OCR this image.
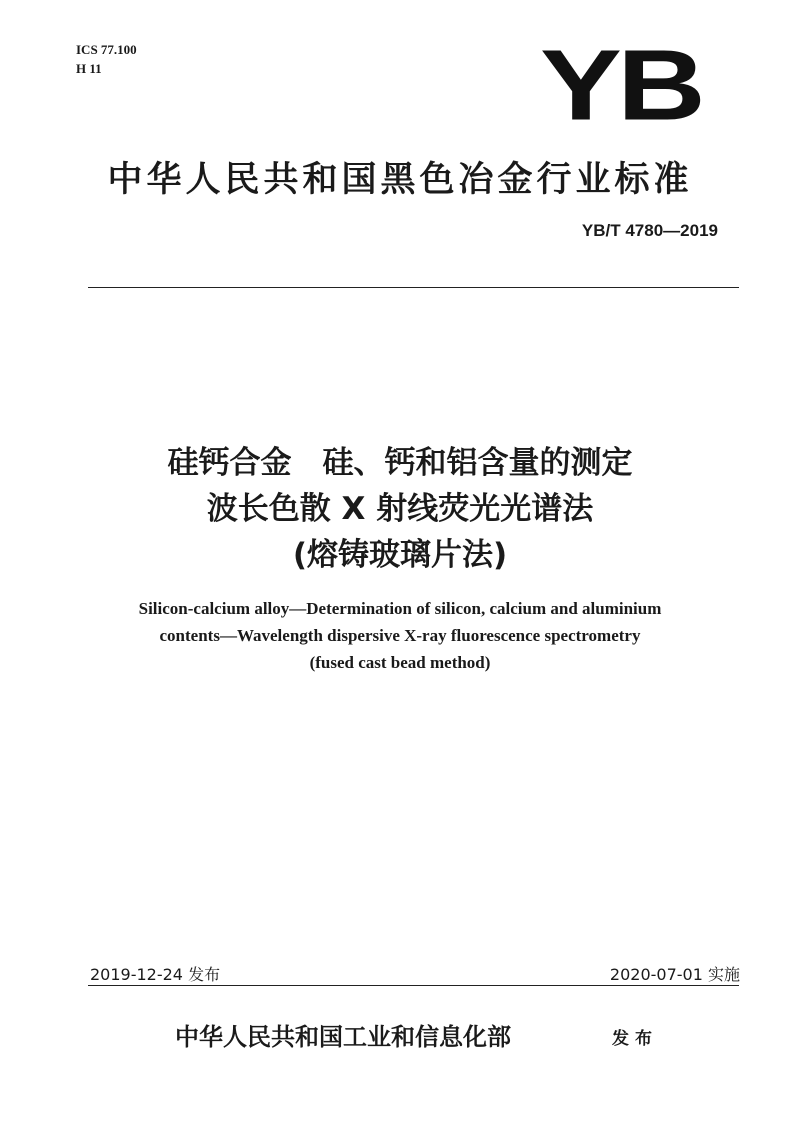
ICS 77.100
H 11	YB
中华人民共和国黑色冶金行业标准
YB/T 4780—2019
硅钙合金　硅、钙和铝含量的测定
波长色散 X 射线荧光光谱法
(熔铸玻璃片法)
Silicon-calcium alloy—Determination of silicon, calcium and aluminium
contents—Wavelength dispersive X-ray fluorescence spectrometry
(fused cast bead method)
2019-12-24 发布	2020-07-01 实施
中华人民共和国工业和信息化部	发布
